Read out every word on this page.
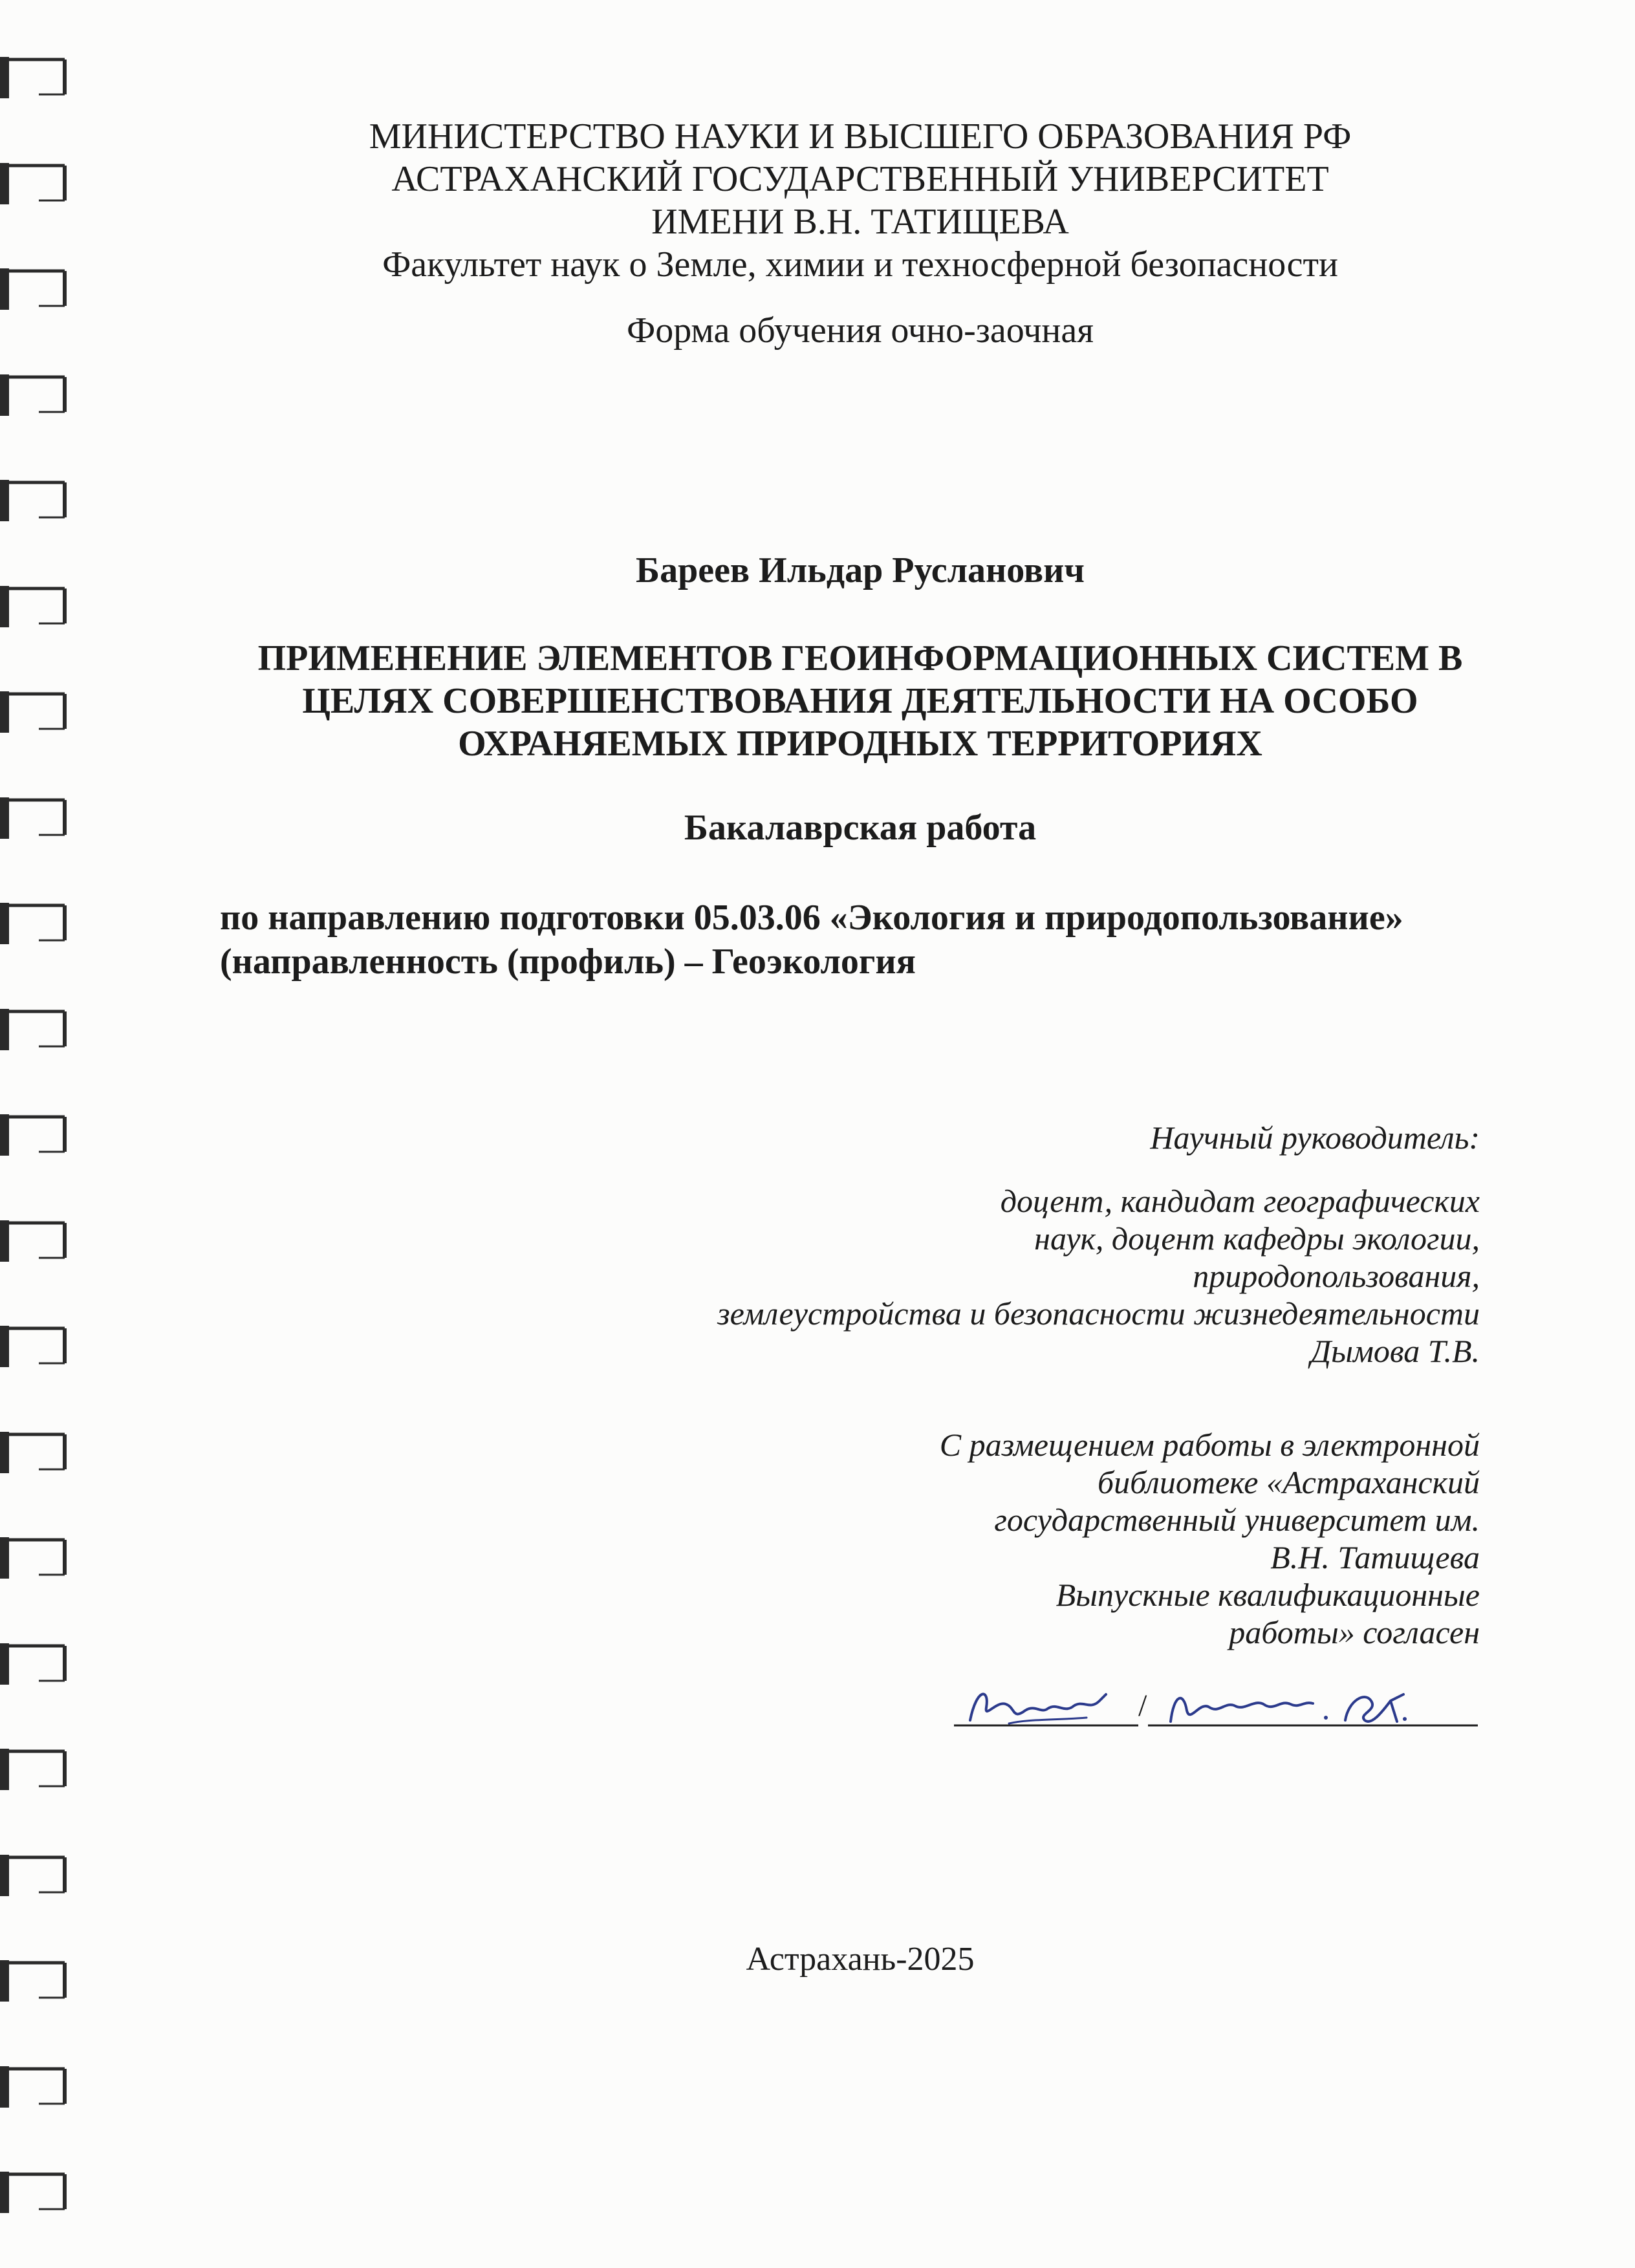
МИНИСТЕРСТВО НАУКИ И ВЫСШЕГО ОБРАЗОВАНИЯ РФ
АСТРАХАНСКИЙ ГОСУДАРСТВЕННЫЙ УНИВЕРСИТЕТ
ИМЕНИ В.Н. ТАТИЩЕВА
Факультет наук о Земле, химии и техносферной безопасности
Форма обучения очно-заочная
Бареев Ильдар Русланович
ПРИМЕНЕНИЕ ЭЛЕМЕНТОВ ГЕОИНФОРМАЦИОННЫХ СИСТЕМ В
ЦЕЛЯХ СОВЕРШЕНСТВОВАНИЯ ДЕЯТЕЛЬНОСТИ НА ОСОБО
ОХРАНЯЕМЫХ ПРИРОДНЫХ ТЕРРИТОРИЯХ
Бакалаврская работа
по направлению подготовки 05.03.06 «Экология и природопользование»
(направленность (профиль) – Геоэкология
Научный руководитель:
доцент, кандидат географических
наук, доцент кафедры экологии,
природопользования,
землеустройства и безопасности жизнедеятельности
Дымова Т.В.
С размещением работы в электронной
библиотеке «Астраханский
государственный университет им.
В.Н. Татищева
Выпускные квалификационные
работы» согласен
/
Астрахань-2025
